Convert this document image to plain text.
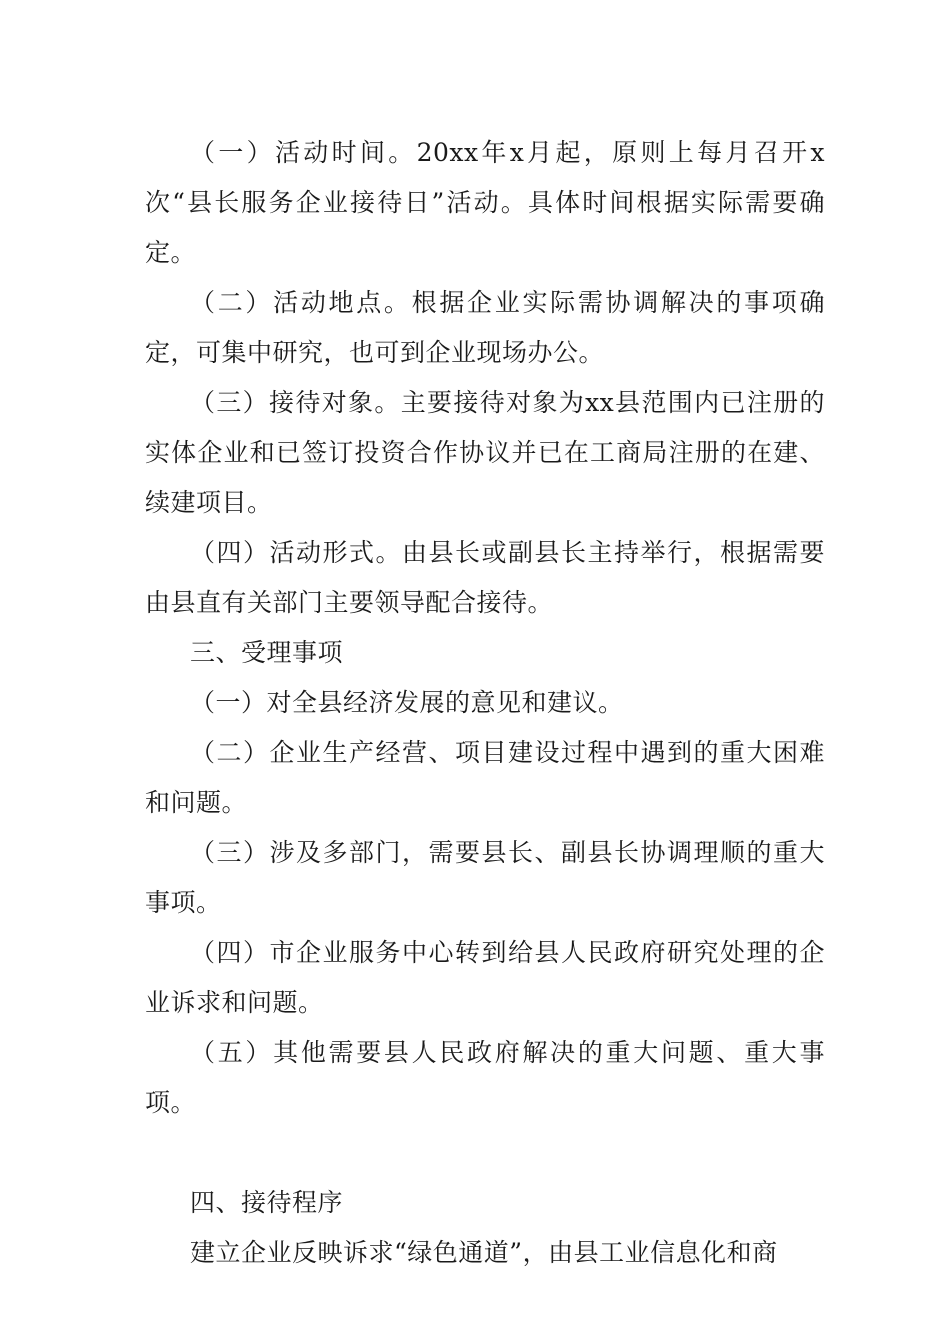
（一）活动时间。20xx年x月起，原则上每月召开x次“县长服务企业接待日”活动。具体时间根据实际需要确定。

（二）活动地点。根据企业实际需协调解决的事项确定，可集中研究，也可到企业现场办公。

（三）接待对象。主要接待对象为xx县范围内已注册的实体企业和已签订投资合作协议并已在工商局注册的在建、续建项目。

（四）活动形式。由县长或副县长主持举行，根据需要由县直有关部门主要领导配合接待。

三、受理事项

（一）对全县经济发展的意见和建议。

（二）企业生产经营、项目建设过程中遇到的重大困难和问题。

（三）涉及多部门，需要县长、副县长协调理顺的重大事项。

（四）市企业服务中心转到给县人民政府研究处理的企业诉求和问题。

（五）其他需要县人民政府解决的重大问题、重大事项。

四、接待程序

建立企业反映诉求“绿色通道”，由县工业信息化和商
